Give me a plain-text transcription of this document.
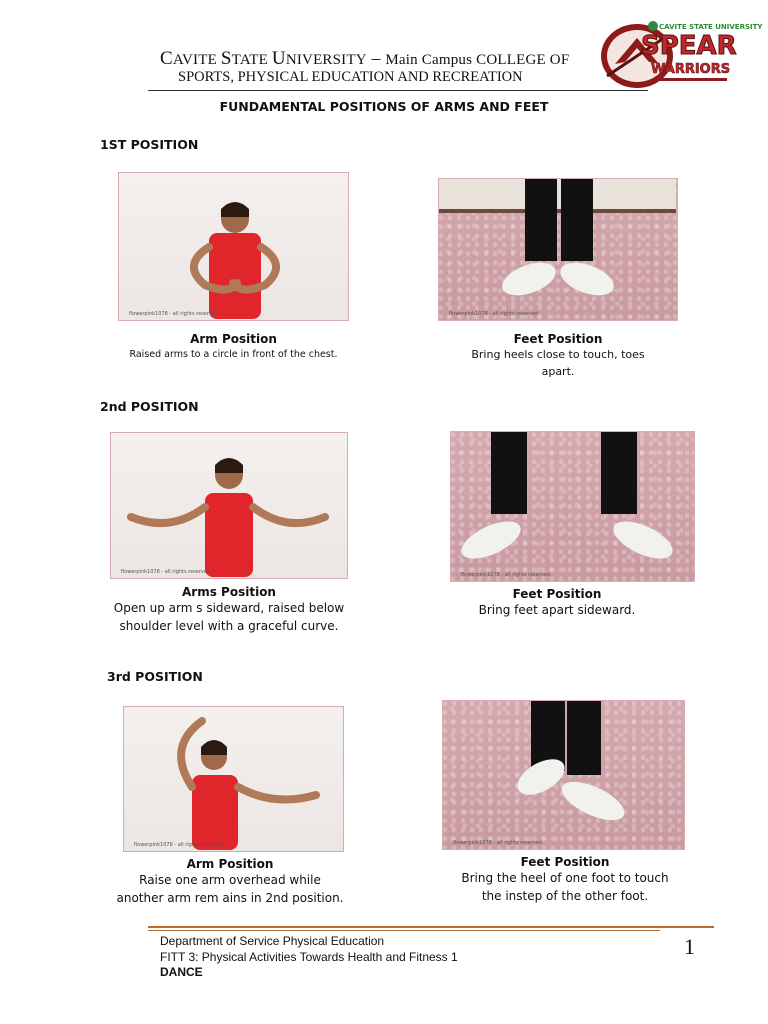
CAVITE STATE UNIVERSITY – Main Campus COLLEGE OF
SPORTS, PHYSICAL EDUCATION AND RECREATION
CAVITE STATE UNIVERSITY
SPEAR
WARRIORS
FUNDAMENTAL POSITIONS OF ARMS AND FEET
1ST POSITION
flowerpink1078 - all rights reserved	flowerpink1078 - all rights reserved
Arm Position
Raised arms to a circle in front of the chest.
Feet Position
Bring heels close to touch, toes
apart.
2nd POSITION
flowerpink1078 - all rights reserved	flowerpink1078 - all rights reserved
Arms Position
Open up arm s sideward, raised below
shoulder level with a graceful curve.
Feet Position
Bring feet apart sideward.
3rd POSITION
flowerpink1078 - all rights reserved	flowerpink1078 - all rights reserved
Arm Position
Raise one arm overhead while
another arm rem ains in 2nd position.
Feet Position
Bring the heel of one foot to touch
the instep of the other foot.
Department of Service Physical Education
FITT 3: Physical Activities Towards Health and Fitness 1
DANCE
1
